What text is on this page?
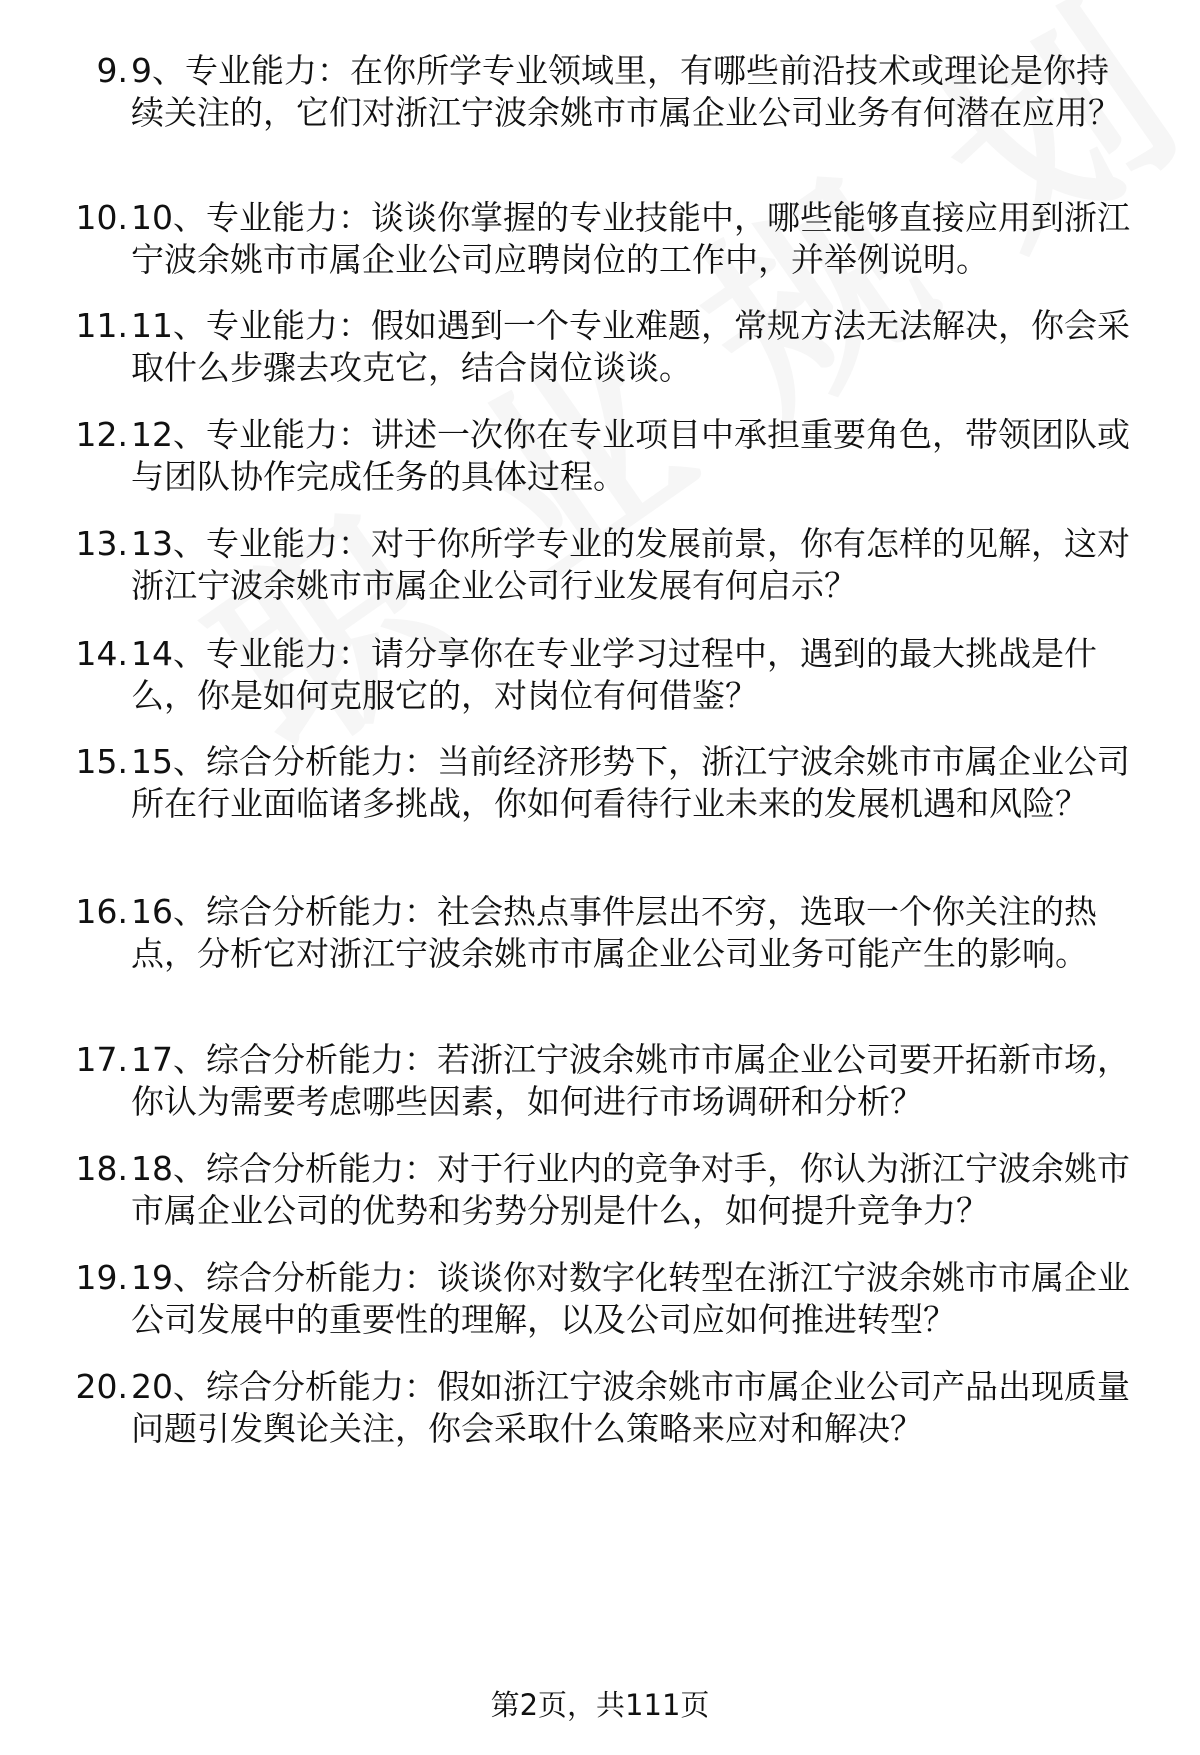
9. 9、专业能力：在你所学专业领域里，有哪些前沿技术或理论是你持续关注的，它们对浙江宁波余姚市市属企业公司业务有何潜在应用？
10. 10、专业能力：谈谈你掌握的专业技能中，哪些能够直接应用到浙江宁波余姚市市属企业公司应聘岗位的工作中，并举例说明。
11. 11、专业能力：假如遇到一个专业难题，常规方法无法解决，你会采取什么步骤去攻克它，结合岗位谈谈。
12. 12、专业能力：讲述一次你在专业项目中承担重要角色，带领团队或与团队协作完成任务的具体过程。
13. 13、专业能力：对于你所学专业的发展前景，你有怎样的见解，这对浙江宁波余姚市市属企业公司行业发展有何启示？
14. 14、专业能力：请分享你在专业学习过程中，遇到的最大挑战是什么，你是如何克服它的，对岗位有何借鉴？
15. 15、综合分析能力：当前经济形势下，浙江宁波余姚市市属企业公司所在行业面临诸多挑战，你如何看待行业未来的发展机遇和风险？
16. 16、综合分析能力：社会热点事件层出不穷，选取一个你关注的热点，分析它对浙江宁波余姚市市属企业公司业务可能产生的影响。
17. 17、综合分析能力：若浙江宁波余姚市市属企业公司要开拓新市场，你认为需要考虑哪些因素，如何进行市场调研和分析？
18. 18、综合分析能力：对于行业内的竞争对手，你认为浙江宁波余姚市市属企业公司的优势和劣势分别是什么，如何提升竞争力？
19. 19、综合分析能力：谈谈你对数字化转型在浙江宁波余姚市市属企业公司发展中的重要性的理解，以及公司应如何推进转型？
20. 20、综合分析能力：假如浙江宁波余姚市市属企业公司产品出现质量问题引发舆论关注，你会采取什么策略来应对和解决？
第2页，共111页
